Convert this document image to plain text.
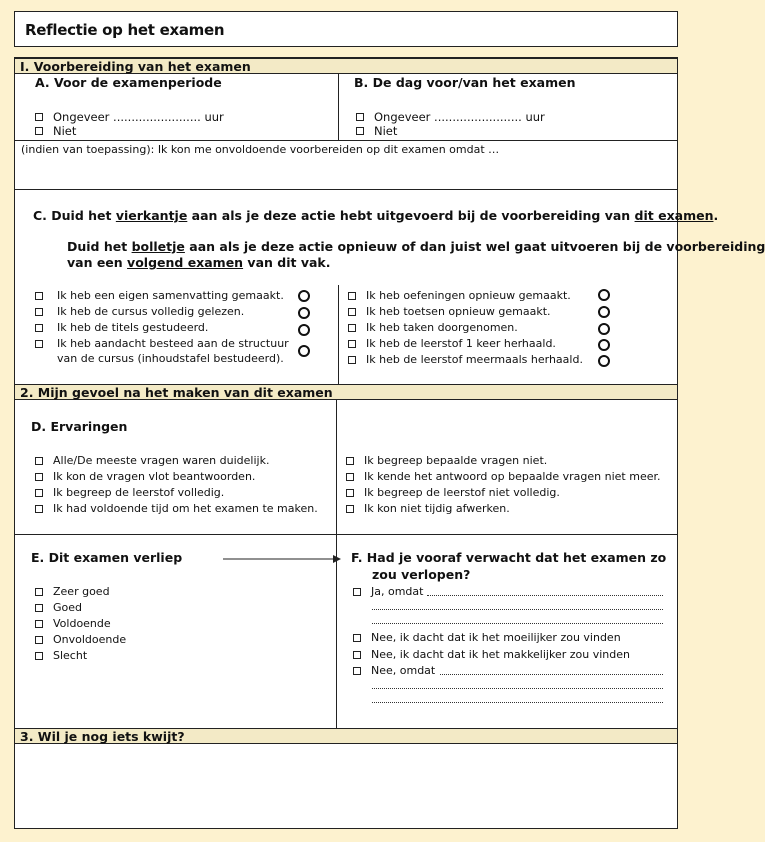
Reflectie op het examen
I. Voorbereiding van het examen
A. Voor de examenperiode
Ongeveer ........................ uur
Niet
B. De dag voor/van het examen
Ongeveer ........................ uur
Niet
(indien van toepassing): Ik kon me onvoldoende voorbereiden op dit examen omdat …
C. Duid het vierkantje aan als je deze actie hebt uitgevoerd bij de voorbereiding van dit examen.
Duid het bolletje aan als je deze actie opnieuw of dan juist wel gaat uitvoeren bij de voorbereiding
van een volgend examen van dit vak.
Ik heb een eigen samenvatting gemaakt.
Ik heb de cursus volledig gelezen.
Ik heb de titels gestudeerd.
Ik heb aandacht besteed aan de structuur
van de cursus (inhoudstafel bestudeerd).
Ik heb oefeningen opnieuw gemaakt.
Ik heb toetsen opnieuw gemaakt.
Ik heb taken doorgenomen.
Ik heb de leerstof 1 keer herhaald.
Ik heb de leerstof meermaals herhaald.
2. Mijn gevoel na het maken van dit examen
D. Ervaringen
Alle/De meeste vragen waren duidelijk.
Ik kon de vragen vlot beantwoorden.
Ik begreep de leerstof volledig.
Ik had voldoende tijd om het examen te maken.
Ik begreep bepaalde vragen niet.
Ik kende het antwoord op bepaalde vragen niet meer.
Ik begreep de leerstof niet volledig.
Ik kon niet tijdig afwerken.
E. Dit examen verliep
Zeer goed
Goed
Voldoende
Onvoldoende
Slecht
F. Had je vooraf verwacht dat het examen zo
zou verlopen?
Ja, omdat
Nee, ik dacht dat ik het moeilijker zou vinden
Nee, ik dacht dat ik het makkelijker zou vinden
Nee, omdat
3. Wil je nog iets kwijt?
